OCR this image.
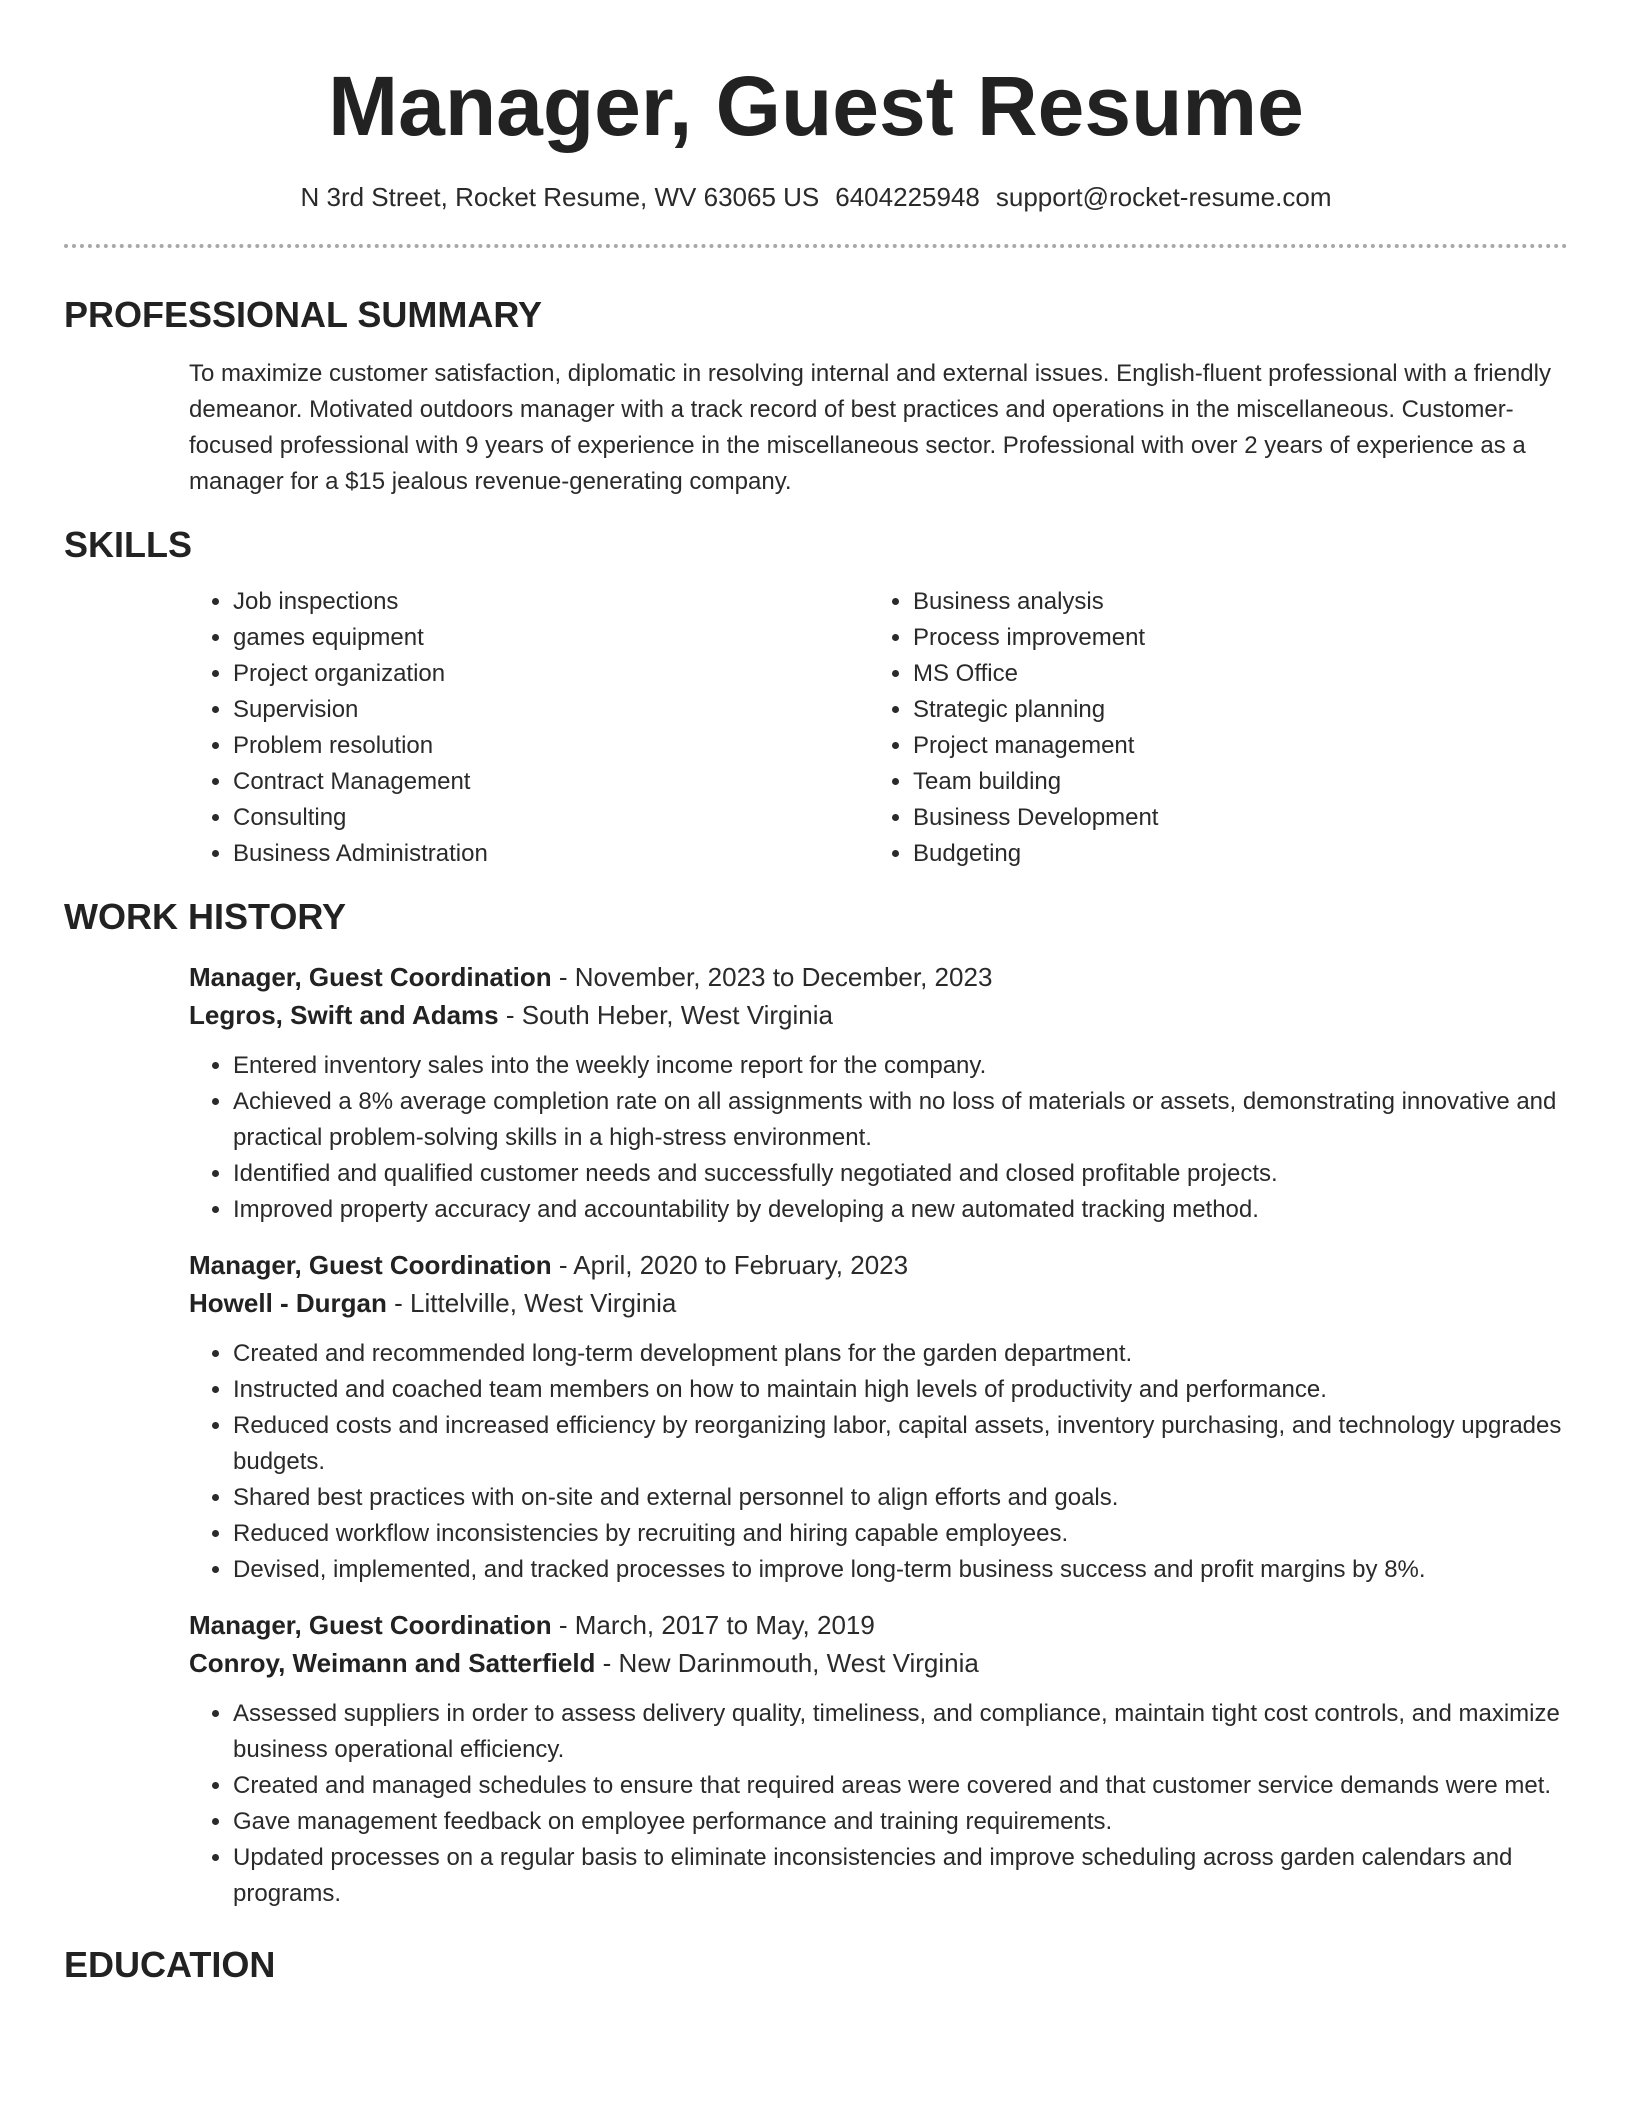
Manager, Guest Resume
N 3rd Street, Rocket Resume, WV 63065 US 6404225948 support@rocket-resume.com
PROFESSIONAL SUMMARY
To maximize customer satisfaction, diplomatic in resolving internal and external issues. English-fluent professional with a friendly demeanor. Motivated outdoors manager with a track record of best practices and operations in the miscellaneous. Customer-focused professional with 9 years of experience in the miscellaneous sector. Professional with over 2 years of experience as a manager for a $15 jealous revenue-generating company.
SKILLS
• Job inspections
• games equipment
• Project organization
• Supervision
• Problem resolution
• Contract Management
• Consulting
• Business Administration
• Business analysis
• Process improvement
• MS Office
• Strategic planning
• Project management
• Team building
• Business Development
• Budgeting
WORK HISTORY
Manager, Guest Coordination - November, 2023 to December, 2023
Legros, Swift and Adams - South Heber, West Virginia
• Entered inventory sales into the weekly income report for the company.
• Achieved a 8% average completion rate on all assignments with no loss of materials or assets, demonstrating innovative and practical problem-solving skills in a high-stress environment.
• Identified and qualified customer needs and successfully negotiated and closed profitable projects.
• Improved property accuracy and accountability by developing a new automated tracking method.
Manager, Guest Coordination - April, 2020 to February, 2023
Howell - Durgan - Littelville, West Virginia
• Created and recommended long-term development plans for the garden department.
• Instructed and coached team members on how to maintain high levels of productivity and performance.
• Reduced costs and increased efficiency by reorganizing labor, capital assets, inventory purchasing, and technology upgrades budgets.
• Shared best practices with on-site and external personnel to align efforts and goals.
• Reduced workflow inconsistencies by recruiting and hiring capable employees.
• Devised, implemented, and tracked processes to improve long-term business success and profit margins by 8%.
Manager, Guest Coordination - March, 2017 to May, 2019
Conroy, Weimann and Satterfield - New Darinmouth, West Virginia
• Assessed suppliers in order to assess delivery quality, timeliness, and compliance, maintain tight cost controls, and maximize business operational efficiency.
• Created and managed schedules to ensure that required areas were covered and that customer service demands were met.
• Gave management feedback on employee performance and training requirements.
• Updated processes on a regular basis to eliminate inconsistencies and improve scheduling across garden calendars and programs.
EDUCATION
